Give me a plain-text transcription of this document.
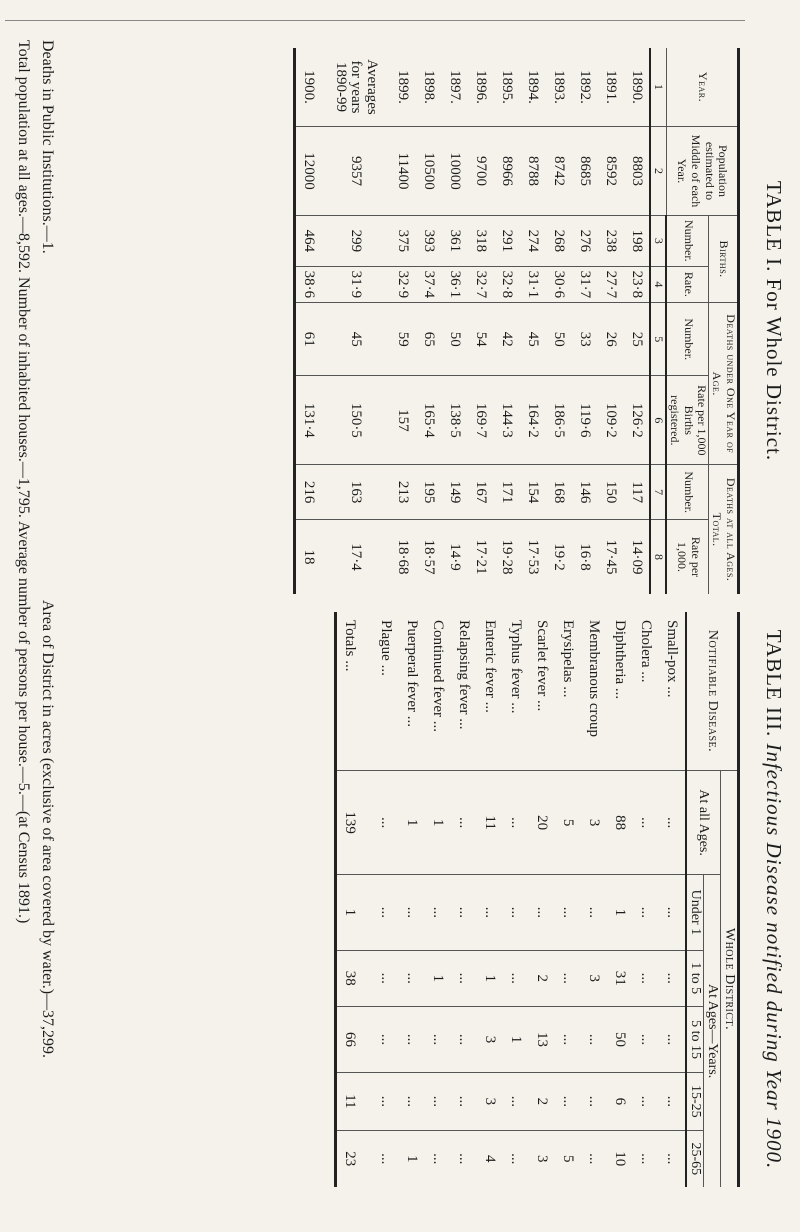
TABLE I. For Whole District.
Year.	Population estimated to Middle of each Year.	Births.		Deaths under One Year of Age.		Deaths at all Ages. Total.	
		Number.	Rate.	Number.	Rate per 1,000 Births registered.	Number.	Rate per 1,000.
1	2	3	4	5	6	7	8
1890.	8803	198	23·8	25	126·2	117	14·09
1891.	8592	238	27·7	26	109·2	150	17·45
1892.	8685	276	31·7	33	119·6	146	16·8
1893.	8742	268	30·6	50	186·5	168	19·2
1894.	8788	274	31·1	45	164·2	154	17·53
1895.	8966	291	32·8	42	144·3	171	19·28
1896.	9700	318	32·7	54	169·7	167	17·21
1897.	10000	361	36·1	50	138·5	149	14·9
1898.	10500	393	37·4	65	165·4	195	18·57
1899.	11400	375	32·9	59	157	213	18·68

Averages for years 1890-99	9357	299	31·9	45	150·5	163	17·4

1900.	12000	464	38·6	61	131·4	216	18
TABLE III. Infectious Disease notified during Year 1900.
Notifiable Disease.	Whole District.					
	At all Ages.	At Ages—Years.				
		Under 1	1 to 5	5 to 15	15-25	25-65
Small-pox ...	...	...	...	...	...	...
Cholera ...	...	...	...	...	...	...
Diphtheria ...	88	1	31	50	6	10
Membranous croup	3	...	3	...	...	...
Erysipelas ...	5	...	...	...	...	5
Scarlet fever ...	20	...	2	13	2	3
Typhus fever ...	...	...	...	1	...	...
Enteric fever ...	11	...	1	3	3	4
Relapsing fever ...	...	...	...	...	...	...
Continued fever ...	1	...	1	...	...	...
Puerperal fever ...	1	...	...	...	...	1
Plague ...	...	...	...	...	...	...

Totals ...	139	1	38	66	11	23
Deaths in Public Institutions.—1.
Area of District in acres (exclusive of area covered by water.)—37,299.
Total population at all ages.—8,592. Number of inhabited houses.—1,795. Average number of persons per house.—5.—(at Census 1891.)
